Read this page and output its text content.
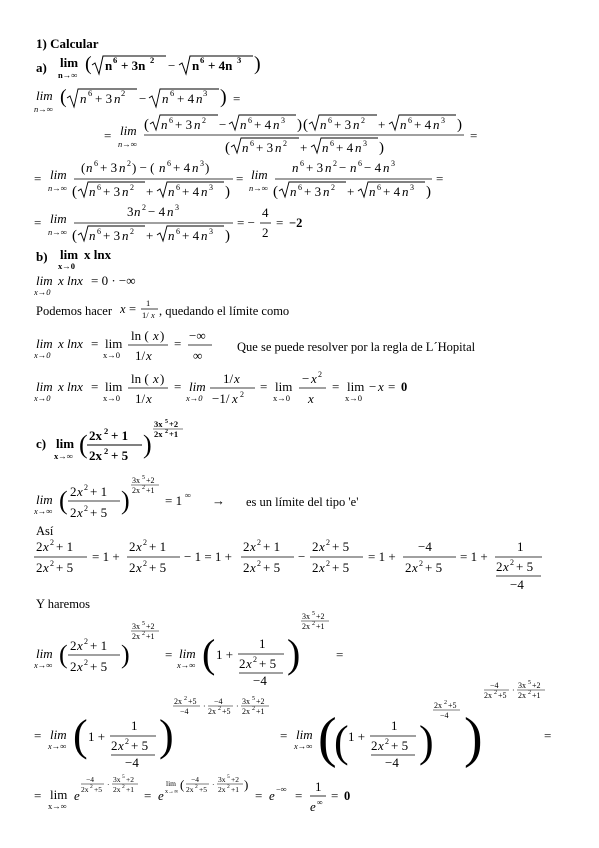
1) Calcular
a) lim
n→∞ ( n 6 + 3n 2 − n 6 + 4n 3 )
lim
n→∞
( n 6 + 3 n 2 − n 6 + 4 n 3 ) =
= lim
n→∞
( n 6 + 3 n 2 − n 6 + 4 n 3 ) ( n 6 + 3 n 2 + n 6 + 4 n 3 )
( n 6 + 3 n 2 + n 6 + 4 n 3 )
=
= lim
n→∞
( n 6 + 3 n 2 ) − ( n 6 + 4 n 3 )
( n 6 + 3 n 2 + n 6 + 4 n 3 )
= lim
n→∞
n 6 + 3 n 2 − n 6 − 4 n 3
( n 6 + 3 n 2 + n 6 + 4 n 3 )
=
= lim
n→∞
3 n 2 − 4 n 3
( n 6 + 3 n 2 + n 6 + 4 n 3 )
= −
4
2
= −2
b) lim
x→0
x lnx
lim
x→0
x lnx = 0 · −∞
Podemos hacer x = 1
1/ x , quedando el límite como
lim
x→0
x lnx = lim
x→0
ln ( x )
1/ x
=
−∞
∞
Que se puede resolver por la regla de L´Hopital
lim
x→0
x lnx = lim
x→0
ln ( x )
1/ x
= lim
x→0
1/ x
−1/ x 2
= lim
x→0
− x 2
x
= lim
x→0
− x = 0
c) lim
x→∞ ( 2x 2 + 1
2x 2 + 5 )
3x 5 +2
2x 2 +1
lim
x→∞ ( 2 x 2 + 1
2 x 2 + 5 )
3x 5 +2
2x 2 +1
= 1 ∞ → es un límite del tipo 'e'
Así
2 x 2 + 1
2 x 2 + 5
= 1 +
2 x 2 + 1
2 x 2 + 5
− 1 = 1 +
2 x 2 + 1
2 x 2 + 5
−
2 x 2 + 5
2 x 2 + 5
= 1 +
−4
2 x 2 + 5
= 1 +
1
2 x 2 + 5
−4
Y haremos
lim
x→∞ ( 2 x 2 + 1
2 x 2 + 5 )
3x 5 +2
2x 2 +1
= lim
x→∞ ( 1 +
1
2 x 2 + 5
−4
)
3x 5 +2
2x 2 +1
=
= lim
x→∞ ( 1 +
1
2 x 2 + 5
−4
)
2x 2 +5
−4
·
−4
2x 2 +5
·
3x 5 +2
2x 2 +1
= lim
x→∞ (
( 1 +
1
2 x 2 + 5
−4 )
2x 2 +5
−4 )
−4
2x 2 +5
·
3x 5 +2
2x 2 +1
=
= lim
x→∞
e
−4
2x 2 +5
·
3x 5 +2
2x 2 +1 = e
lim
x→∞ ( −4
2x 2 +5
·
3x 5 +2
2x 2 +1 )
= e −∞ =
1
e ∞ = 0
